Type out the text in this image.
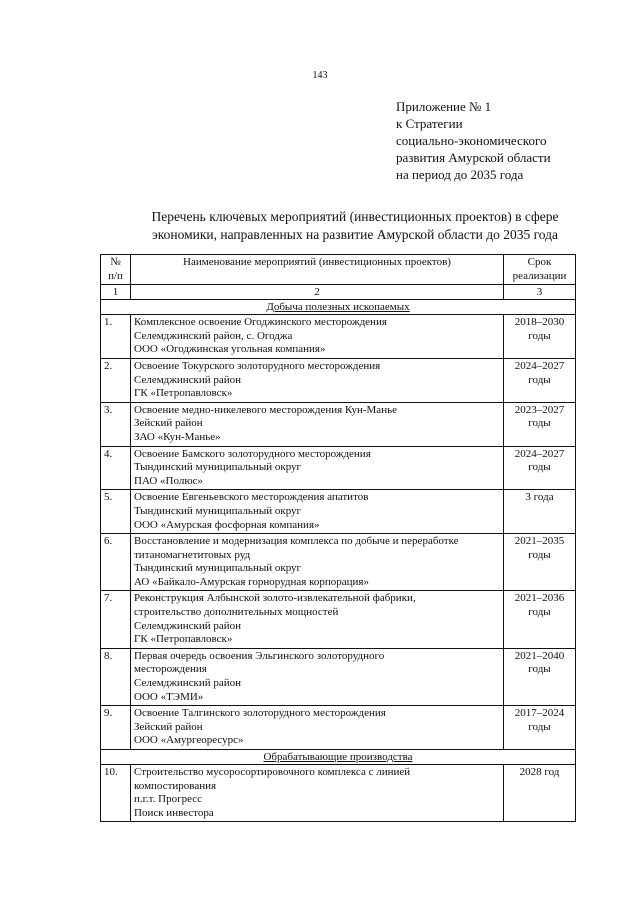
143
Приложение № 1
к Стратегии
социально-экономического
развития Амурской области
на период до 2035 года
Перечень ключевых мероприятий (инвестиционных проектов) в сфере
экономики, направленных на развитие Амурской области до 2035 года
№
п/п	Наименование мероприятий (инвестиционных проектов)	Срок
реализации

1	2	3
Добыча полезных ископаемых		
1.	Комплексное освоение Огоджинского месторождения
Селемджинский район, с. Огоджа
ООО «Огоджинская угольная компания»	2018–2030
годы

2.	Освоение Токурского золоторудного месторождения
Селемджинский район
ГК «Петропавловск»	2024–2027
годы

3.	Освоение медно-никелевого месторождения Кун-Манье
Зейский район
ЗАО «Кун-Манье»	2023–2027
годы

4.	Освоение Бамского золоторудного месторождения
Тындинский муниципальный округ
ПАО «Полюс»	2024–2027
годы

5.	Освоение Евгеньевского месторождения апатитов
Тындинский муниципальный округ
ООО «Амурская фосфорная компания»	3 года

6.	Восстановление и модернизация комплекса по добыче и переработке
титаномагнетитовых руд
Тындинский муниципальный округ
АО «Байкало-Амурская горнорудная корпорация»	2021–2035
годы

7.	Реконструкция Албынской золото-извлекательной фабрики,
строительство дополнительных мощностей
Селемджинский район
ГК «Петропавловск»	2021–2036
годы

8.	Первая очередь освоения Эльгинского золоторудного
месторождения
Селемджинский район
ООО «ТЭМИ»	2021–2040
годы

9.	Освоение Талгинского золоторудного месторождения
Зейский район
ООО «Амургеоресурс»	2017–2024
годы

Обрабатывающие производства		
10.	Строительство мусоросортировочного комплекса с линией
компостирования
п.г.т. Прогресс
Поиск инвестора	2028 год
